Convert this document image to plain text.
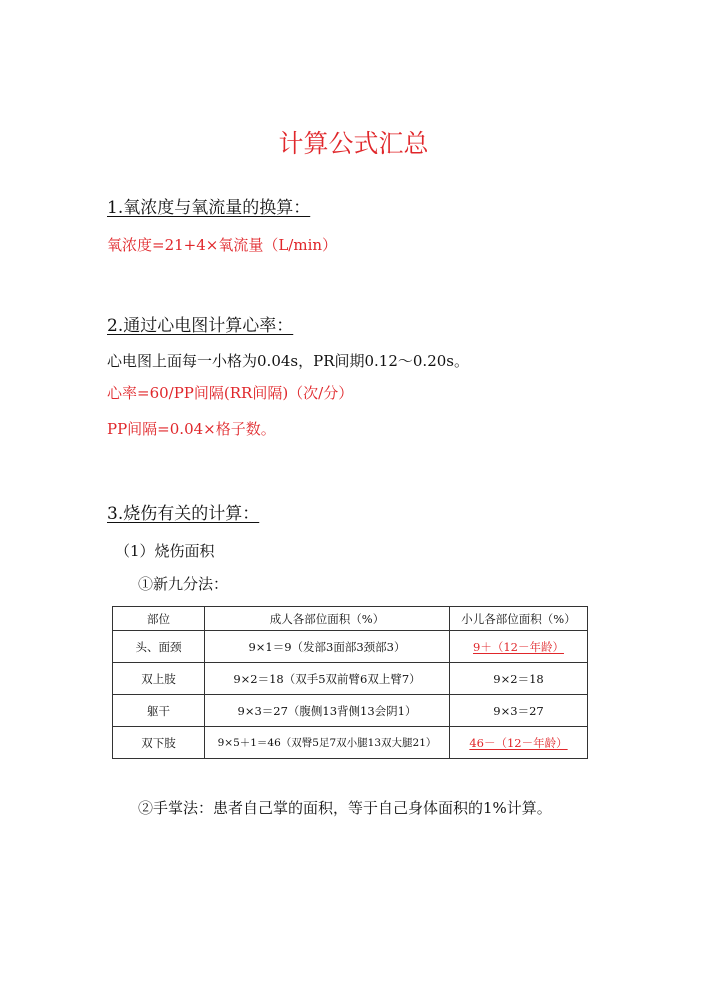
计算公式汇总
1.氧浓度与氧流量的换算：
氧浓度=21+4×氧流量（L/min）
2.通过心电图计算心率：
心电图上面每一小格为0.04s，PR间期0.12～0.20s。
心率=60/PP间隔(RR间隔)（次/分）
PP间隔=0.04×格子数。
3.烧伤有关的计算：
（1）烧伤面积
①新九分法：
部位	成人各部位面积（%）	小儿各部位面积（%）
头、面颈	9×1＝9（发部3面部3颈部3）	9＋（12－年龄）
双上肢	9×2＝18（双手5双前臂6双上臂7）	9×2＝18
躯干	9×3＝27（腹侧13背侧13会阴1）	9×3＝27
双下肢	9×5＋1＝46（双臀5足7双小腿13双大腿21）	46－（12－年龄）
②手掌法：患者自己掌的面积，等于自己身体面积的1%计算。
